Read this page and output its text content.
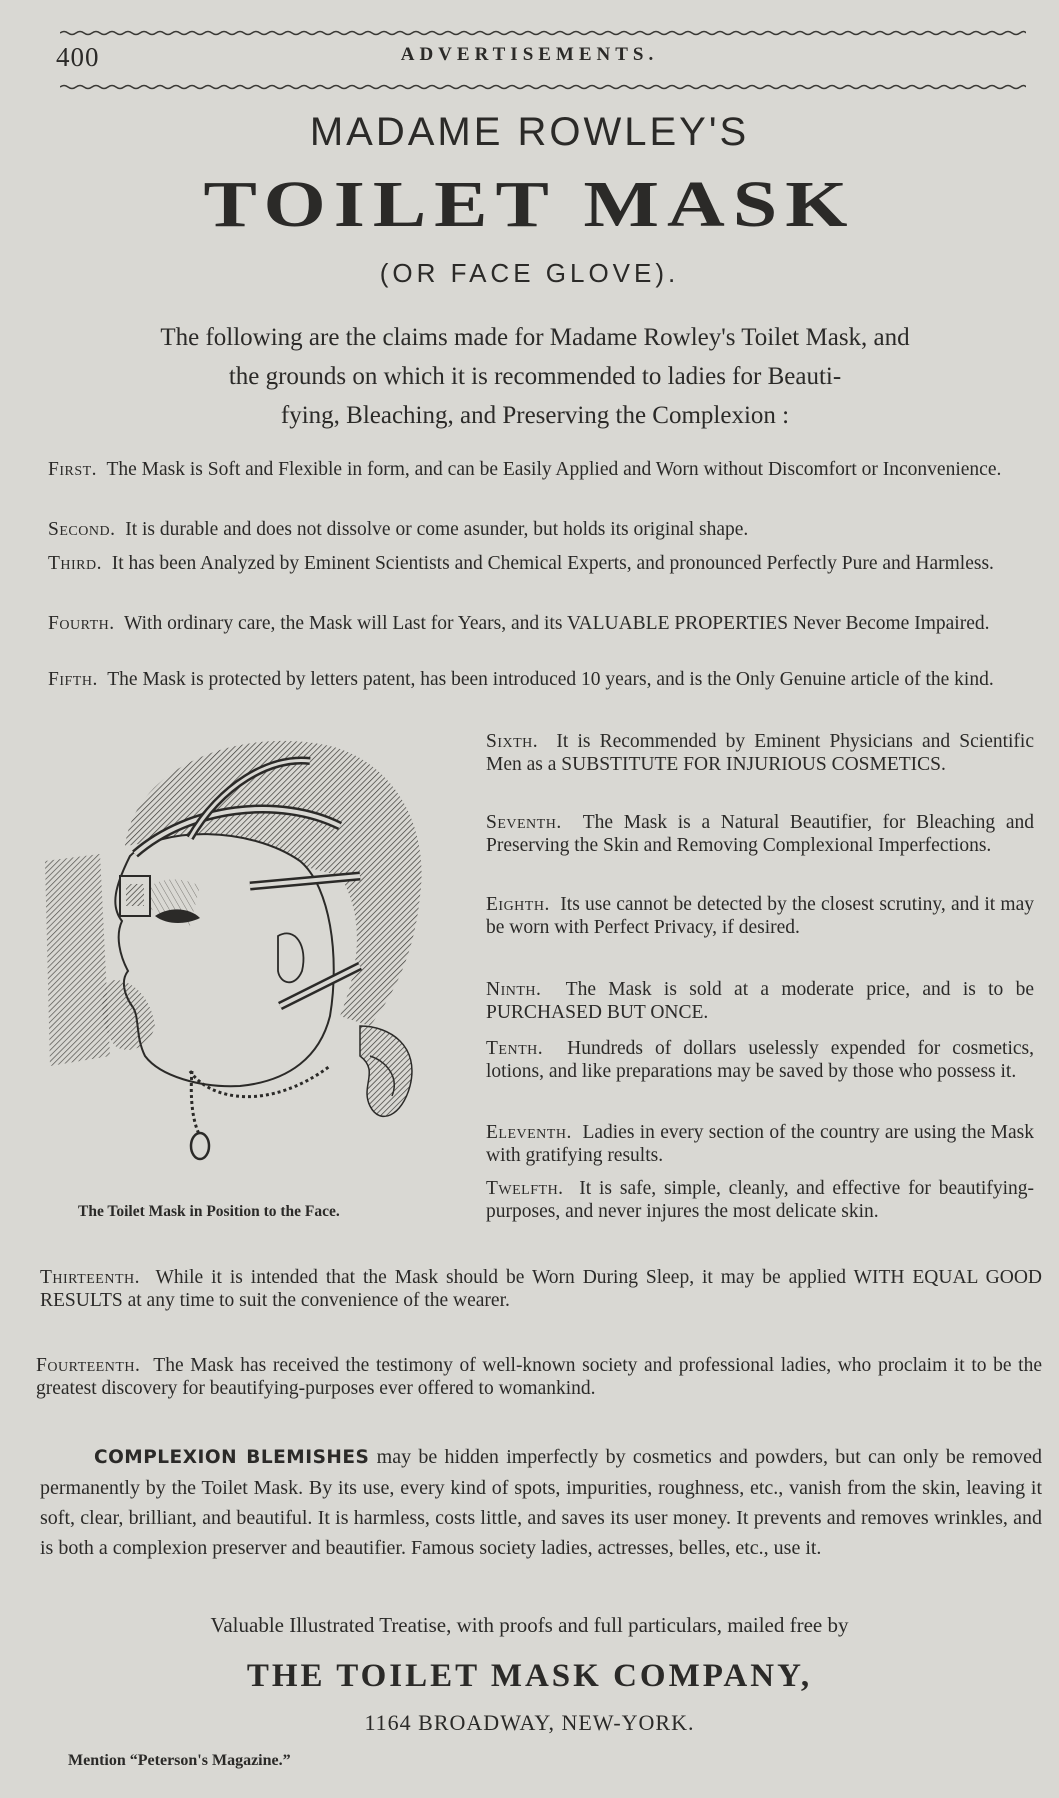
400	ADVERTISEMENTS.
MADAME ROWLEY'S
TOILET MASK
(OR FACE GLOVE).
The following are the claims made for Madame Rowley's Toilet Mask, and
the grounds on which it is recommended to ladies for Beauti-
fying, Bleaching, and Preserving the Complexion :
First. The Mask is Soft and Flexible in form, and can be Easily Applied and Worn without Discomfort or Inconvenience.
Second. It is durable and does not dissolve or come asunder, but holds its original shape.
Third. It has been Analyzed by Eminent Scientists and Chemical Experts, and pronounced Perfectly Pure and Harmless.
Fourth. With ordinary care, the Mask will Last for Years, and its VALUABLE PROPERTIES Never Become Impaired.
Fifth. The Mask is protected by letters patent, has been introduced 10 years, and is the Only Genuine article of the kind.
The Toilet Mask in Position to the Face.
Sixth. It is Recommended by Eminent Physicians and Scientific Men as a SUBSTITUTE FOR INJURIOUS COSMETICS.
Seventh. The Mask is a Natural Beautifier, for Bleaching and Preserving the Skin and Removing Complexional Imperfections.
Eighth. Its use cannot be detected by the closest scrutiny, and it may be worn with Perfect Privacy, if desired.
Ninth. The Mask is sold at a moderate price, and is to be PURCHASED BUT ONCE.
Tenth. Hundreds of dollars uselessly expended for cosmetics, lotions, and like preparations may be saved by those who possess it.
Eleventh. Ladies in every section of the country are using the Mask with gratifying results.
Twelfth. It is safe, simple, cleanly, and effective for beautifying-purposes, and never injures the most delicate skin.
Thirteenth. While it is intended that the Mask should be Worn During Sleep, it may be applied WITH EQUAL GOOD RESULTS at any time to suit the convenience of the wearer.
Fourteenth. The Mask has received the testimony of well-known society and professional ladies, who proclaim it to be the greatest discovery for beautifying-purposes ever offered to womankind.
COMPLEXION BLEMISHES may be hidden imperfectly by cosmetics and powders, but can only be removed permanently by the Toilet Mask. By its use, every kind of spots, impurities, roughness, etc., vanish from the skin, leaving it soft, clear, brilliant, and beautiful. It is harmless, costs little, and saves its user money. It prevents and removes wrinkles, and is both a complexion preserver and beautifier. Famous society ladies, actresses, belles, etc., use it.
Valuable Illustrated Treatise, with proofs and full particulars, mailed free by
THE TOILET MASK COMPANY,
1164 BROADWAY, NEW-YORK.
Mention “Peterson's Magazine.”
